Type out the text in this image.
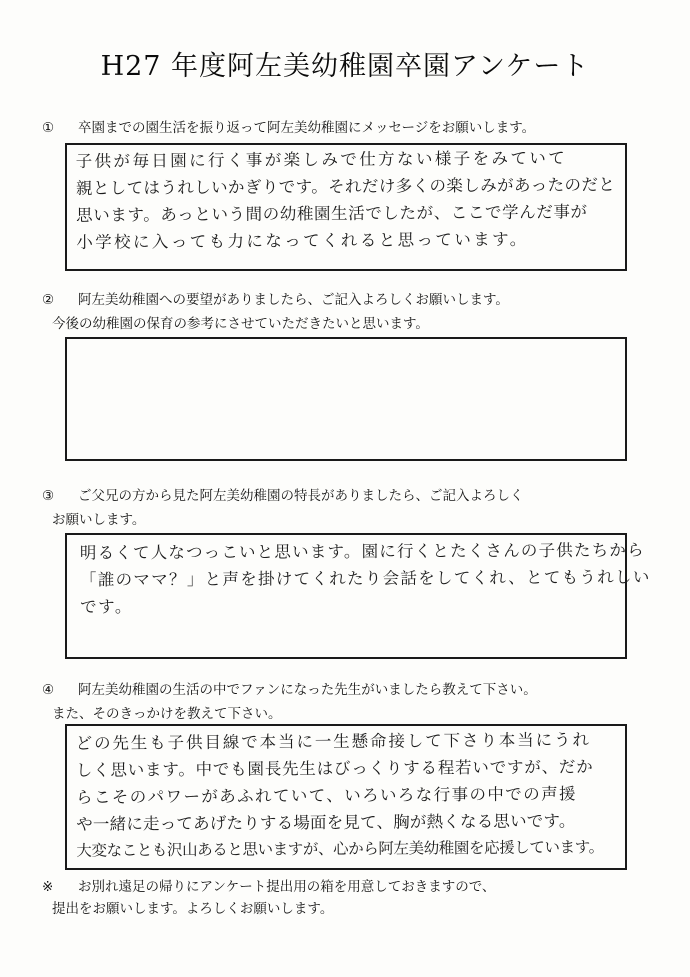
H27 年度阿左美幼稚園卒園アンケート
① 卒園までの園生活を振り返って阿左美幼稚園にメッセージをお願いします。
子供が毎日園に行く事が楽しみで仕方ない様子をみていて
親としてはうれしいかぎりです。それだけ多くの楽しみがあったのだと
思います。あっという間の幼稚園生活でしたが、ここで学んだ事が
小学校に入っても力になってくれると思っています。
② 阿左美幼稚園への要望がありましたら、ご記入よろしくお願いします。
今後の幼稚園の保育の参考にさせていただきたいと思います。
③ ご父兄の方から見た阿左美幼稚園の特長がありましたら、ご記入よろしく
お願いします。
明るくて人なつっこいと思います。園に行くとたくさんの子供たちから
「誰のママ？」と声を掛けてくれたり会話をしてくれ、とてもうれしい
です。
④ 阿左美幼稚園の生活の中でファンになった先生がいましたら教えて下さい。
また、そのきっかけを教えて下さい。
どの先生も子供目線で本当に一生懸命接して下さり本当にうれ
しく思います。中でも園長先生はびっくりする程若いですが、だか
らこそのパワーがあふれていて、いろいろな行事の中での声援
や一緒に走ってあげたりする場面を見て、胸が熱くなる思いです。
大変なことも沢山あると思いますが、心から阿左美幼稚園を応援しています。
※ お別れ遠足の帰りにアンケート提出用の箱を用意しておきますので、
提出をお願いします。よろしくお願いします。
